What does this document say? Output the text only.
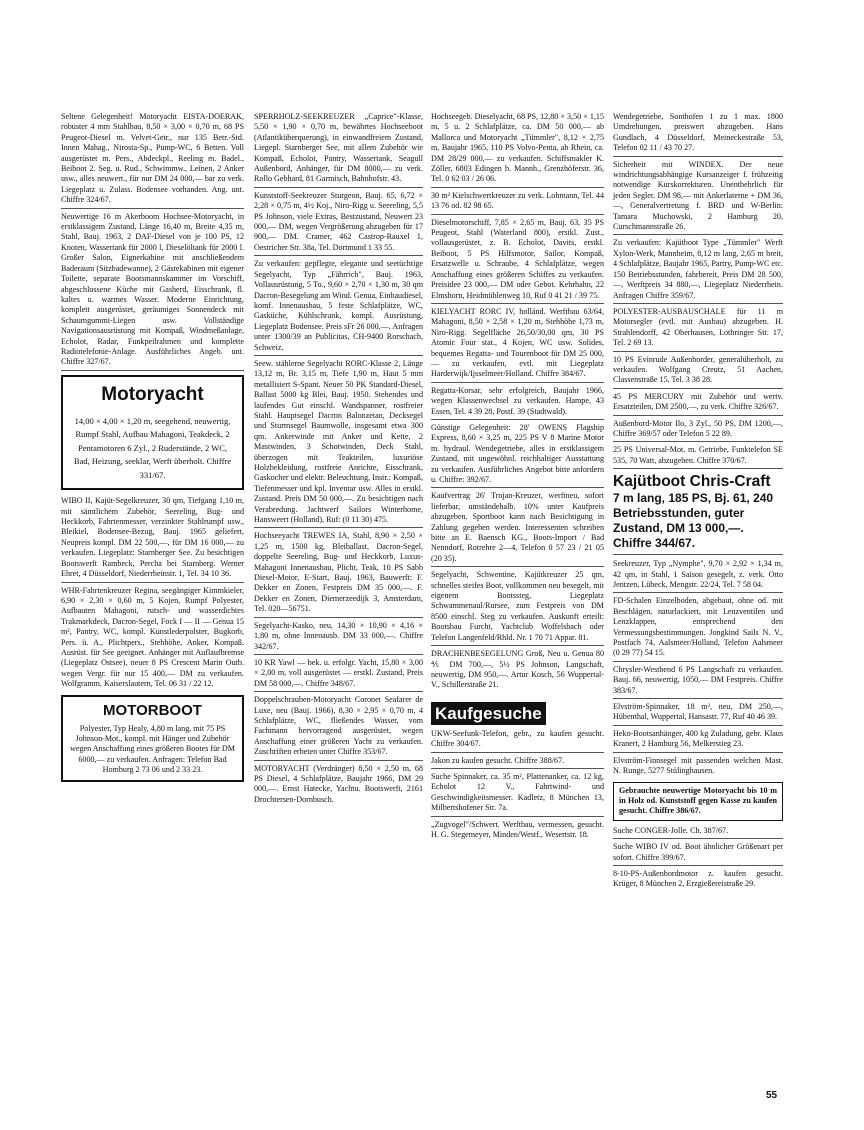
Seltene Gelegenheit! Motoryacht EISTA-DOERAK, robuster 4 mm Stahlbau, 8,50 × 3,00 × 0,70 m, 68 PS Peugeot-Diesel m. Velvet-Getr., nur 135 Betr.-Std. Innen Mahag., Nirosta-Sp., Pump-WC, 6 Betten. Voll ausgerüstet m. Pers., Abdeckpl., Reeling m. Badel., Beiboot 2. Seg. u. Rud., Schwimmw., Leinen, 2 Anker usw., alles neuwert., für nur DM 24 000,— bar zu verk. Liegeplatz u. Zulass. Bodensee vorhanden. Ang. unt. Chiffre 324/67.
Neuwertige 16 m Akerboom Hochsee-Motoryacht, in erstklassigem Zustand, Länge 16,40 m, Breite 4,35 m, Stahl, Bauj. 1963, 2 DAF-Diesel von je 100 PS, 12 Knoten, Wassertank für 2000 l, Dieselöltank für 2000 l. Großer Salon, Eignerkabine mit anschließendem Baderaum (Sitzbadewanne), 2 Gästekabinen mit eigener Toilette, separate Bootsmannskammer im Vorschiff, abgeschlossene Küche mit Gasherd, Eisschrank, fl. kaltes u. warmes Wasser. Moderne Einrichtung, komplett ausgerüstet, geräumiges Sonnendeck mit Schaumgummi-Liegen usw. Vollständige Navigationsausrüstung mit Kompaß, Windmeßanlage, Echolot, Radar, Funkpeilrahmen und komplette Radiotelefonie-Anlage. Ausführliches Angeb. unt. Chiffre 327/67.
Motoryacht
14,00 × 4,00 × 1,20 m, seegehend, neuwertig, Rumpf Stahl, Aufbau Mahagoni, Teakdeck, 2 Pentamotoren 6 Zyl., 2 Ruderstände, 2 WC, Bad, Heizung, seeklar, Werft überholt. Chiffre 331/67.
WIBO II, Kajüt-Segelkreuzer, 30 qm, Tiefgang 1,10 m, mit sämtlichem Zubehör, Seereling, Bug- und Heckkorb, Fahrtenmesser, verzinkter Stahlrumpf usw., Bleikiel, Bodensee-Bezug, Bauj. 1965 geliefert, Neupreis kompl. DM 22 500,—, für DM 16 000,— zu verkaufen. Liegeplatz: Starnberger See. Zu besichtigen Bootswerft Rambeck, Percha bei Starnberg. Werner Ehret, 4 Düsseldorf, Niederrheinstr. 1, Tel. 34 10 36.
WHR-Fahrtenkreuzer Regina, seegängiger Kimmkieler, 6,90 × 2,30 × 0,60 m, 5 Kojen, Rumpf Polyester, Aufbauten Mahagoni, rutsch- und wasserdichtes Trakmarkdeck, Dacron-Segel, Fock I — II — Genua 15 m², Pantry, WC, kompl. Kunstlederpolster, Bugkorb, Pers. ü. A., Plichtpers., Stehhöhe, Anker, Kompaß. Ausrüst. für See geeignet. Anhänger mit Auflaufbremse (Liegeplatz Ostsee), neuer 8 PS Crescent Marin Outb. wegen Vergr. für nur 15 400,— DM zu verkaufen. Wolfgramm, Kaiserslautern, Tel. 06 31 / 22 12.
MOTORBOOT
Polyester, Typ Healy, 4,80 m lang, mit 75 PS Johnson-Mot., kompl. mit Hänger und Zubehör wegen Anschaffung eines größeren Bootes für DM 6000,— zu verkaufen. Anfragen: Telefon Bad Homburg 2 73 06 und 2 33 23.
SPERRHOLZ-SEEKREUZER „Caprice"-Klasse, 5,50 × 1,90 × 0,70 m, bewährtes Hochseeboot (Atlantiküberquerung), in einwandfreiem Zustand, Liegepl. Starnberger See, mit allem Zubehör wie Kompaß, Echolot, Pantry, Wassertank, Seagull Außenbord, Anhänger, für DM 8000,— zu verk. Rollo Gebhard, 81 Garmisch, Bahnhofstr. 43.
Kunststoff-Seekreuzer Sturgeon, Bauj. 65, 6,72 × 2,28 × 0,75 m, 4½ Koj., Niro-Rigg u. Seereling, 5,5 PS Johnson, viele Extras, Bestzustand, Neuwert 23 000,— DM, wegen Vergrößerung abzugeben für 17 900,— DM. Cramer, 462 Castrop-Rauxel 1, Oestricher Str. 38a, Tel. Dortmund 1 33 55.
Zu verkaufen: gepflegte, elegante und seetüchtige Segelyacht, Typ „Fährrich", Bauj. 1963, Vollausrüstung, 5 To., 9,60 × 2,70 × 1,30 m, 30 qm Dacron-Besegelung am Wind. Genua, Einbaudiesel, komf. Innenausbau, 5 feste Schlafplätze, WC, Gasküche, Kühlschrank, kompl. Ausrüstung, Liegeplatz Bodensee. Preis sFr 26 000,—. Anfragen unter 1300/39 an Publicitas, CH-9400 Rorschach, Schweiz.
Seew. stählerne Segelyacht RORC-Klasse 2, Länge 13,12 m, Br. 3,15 m, Tiefe 1,90 m, Haut 5 mm metallisiert S-Spant. Neuer 50 PK Standard-Diesel, Ballast 5000 kg Blei, Bauj. 1950. Stehendes und laufendes Gut einschl. Wandspanner, rostfreier Stahl. Hauptsegel Dacron Balonzetan, Decksegel und Sturmsegel Baumwolle, insgesamt etwa 300 qm. Ankerwinde mit Anker und Kette, 2 Mastwinden, 3 Schotwinden, Deck Stahl, überzogen mit Teakteilen, luxuriöse Holzbekleidung, rostfreie Anrichte, Eisschrank, Gaskocher und elektr. Beleuchtung, Instr.: Kompaß, Tiefenmesser und kpl. Inventar usw. Alles in erstkl. Zustand. Preis DM 50 000,—. Zu besichtigen nach Verabredung. Jachtwerf Sailors Winterhome, Hansweert (Holland), Ruf: (0 11 30) 475.
Hochseeyacht TREWES IA, Stahl, 8,90 × 2,50 × 1,25 m, 1500 kg, Bleiballast, Dacron-Segel, doppelte Seereling, Bug- und Heckkorb, Luxus-Mahagoni Innenausbau, Plicht, Teak, 10 PS Sabb Diesel-Motor, E-Start, Bauj. 1963, Bauwerft: F. Dekker en Zonen, Festpreis DM 35 000,—. F. Dekker en Zonen, Diemerzeedijk 3, Amsterdam, Tel. 020—56751.
Segelyacht-Kasko, neu, 14,30 × 10,90 × 4,16 × 1,80 m, ohne Innenausb. DM 33 000,—. Chiffre 342/67.
10 KR Yawl — bek. u. erfolgr. Yacht, 15,80 × 3,00 × 2,00 m, voll ausgerüstet — erstkl. Zustand, Preis DM 58 000,—. Chiffre 348/67.
Doppelschrauben-Motoryacht Coronet Seafarer de Luxe, neu (Bauj. 1966), 8,30 × 2,95 × 0,70 m, 4 Schlafplätze, WC, fließendes Wasser, vom Fachmann hervorragend ausgerüstet, wegen Anschaffung einer größeren Yacht zu verkaufen. Zuschriften erbeten unter Chiffre 353/67.
MOTORYACHT (Verdränger) 8,50 × 2,50 m, 68 PS Diesel, 4 Schlafplätze, Baujahr 1966, DM 29 000,—. Ernst Hatecke, Yachtu. Bootswerft, 2161 Drochtersen-Dornbusch.
Hochseegeb. Dieselyacht, 68 PS, 12,80 × 3,50 × 1,15 m, 5 u. 2 Schlafplätze, ca. DM 50 000,— ab Mallorca und Motoryacht „Tümmler", 8,12 × 2,75 m, Baujahr 1965, 110 PS Volvo-Penta, ab Rhein, ca. DM 28/29 000,— zu verkaufen. Schiffsmakler K. Zöller, 6803 Edingen b. Mannh., Grenzhöferstr. 36, Tel. 0 62 03 / 26 06.
30 m² Kielschwertkreuzer zu verk. Lohmann, Tel. 44 13 76 od. 82 98 65.
Dieselmotorschiff, 7,85 × 2,65 m, Bauj. 63, 35 PS Peugeot, Stahl (Waterland 800), erstkl. Zust., vollausgerüstet, z. B. Echolot, Davits, erstkl. Beiboot, 5 PS Hilfsmotor, Sailor, Kompaß, Ersatzwelle u. Schraube, 4 Schlafplätze, wegen Anschaffung eines größeren Schiffes zu verkaufen. Preisidee 23 000,— DM oder Gebot. Kehrhahn, 22 Elmshorn, Heidmühlenweg 10, Ruf 0 41 21 / 39 75.
KIELYACHT RORC IV, holländ. Werftbau 63/64, Mahagoni, 8,50 × 2,58 × 1,20 m, Stehhöhe 1,73 m, Niro-Rigg. Segelfläche 26,50/30,00 qm, 30 PS Atomic Four stat., 4 Kojen, WC usw. Solides, bequemes Regatta- und Tourenboot für DM 25 000,— zu verkaufen, evtl. mit Liegeplatz Harderwijk/Ijsselmeer/Holland. Chiffre 384/67.
Regatta-Korsar, sehr erfolgreich, Baujahr 1966, wegen Klassenwechsel zu verkaufen. Hampe, 43 Essen, Tel. 4 39 28, Postf. 39 (Stadtwald).
Günstige Gelegenheit: 28' OWENS Flagship Express, 8,60 × 3,25 m, 225 PS V 8 Marine Motor m. hydraul. Wendegetriebe, alles in erstklassigem Zustand, mit ungewöhnl. reichhaltiger Ausstattung zu verkaufen. Ausführliches Angebot bitte anfordern u. Chiffre: 392/67.
Kaufvertrag 26' Trojan-Kreuzer, werftneu, sofort lieferbar, umständehalb. 10% unter Kaufpreis abzugeben. Sportboot kann nach Besichtigung in Zahlung gegeben werden. Interessenten schreiben bitte an E. Baensch KG., Boots-Import / Bad Nenndorf, Rotrehre 2—4, Telefon 0 57 23 / 21 05 (20 35).
Segelyacht, Schwentine, Kajütkreuzer 25 qm, schnelles steifes Boot, vollkommen neu besegelt, mit eigenem Bootssteg, Liegeplatz Schwammenaul/Rursee, zum Festpreis von DM 8500 einschl. Steg zu verkaufen. Auskunft erteilt: Bootsbau Furcht, Yachtclub Woffelsbach oder Telefon Langenfeld/Rhld. Nr. 1 70 71 Appar. 81.
DRACHENBESEGELUNG Groß, Neu u. Genua 80 ⅘ DM 700,—, 5½ PS Johnson, Langschaft, neuwertig, DM 950,—. Artur Kosch, 56 Wuppertal-V., Schillerstraße 21.
Kaufgesuche
UKW-Seefunk-Telefon, gebr., zu kaufen gesucht. Chiffre 304/67.
Jakon zu kaufen gesucht. Chiffre 388/67.
Suche Spinnaker, ca. 35 m², Plattenanker, ca. 12 kg, Echolot 12 V., Fahrtwind- und Geschwindigkeitsmesser. Kadletz, 8 München 13, Milbertshofener Str. 7a.
„Zugvogel"/Schwert. Werftbau, vermessen, gesucht. H. G. Stegemeyer, Minden/Westf., Wesertstr. 18.
Wendegetriebe, Sonthofen 1 zu 1 max. 1800 Umdrehungen, preiswert abzugeben. Hans Gundlach, 4 Düsseldorf, Meineckestraße 53, Telefon 02 11 / 43 70 27.
Sicherheit mit WINDEX. Der neue windrichtungsabhängige Kursanzeiger f. frühzeitig notwendige Kurskorrekturen. Unentbehrlich für jeden Segler. DM 98,— mit Ankerlaterne + DM 36,—, Generalvertretung f. BRD und W-Berlin: Tamara Muchowski, 2 Hamburg 20, Curschmannstraße 26.
Zu verkaufen: Kajütboot Type „Tümmler" Werft Xylon-Werk, Mannheim, 8,12 m lang, 2,65 m breit, 4 Schlafplätze, Baujahr 1965, Partry, Pump-WC etc. 150 Betriebsstunden, fahrbereit, Preis DM 28 500,—, Werftpreis 34 880,—, Liegeplatz Niederrhein. Anfragen Chiffre 359/67.
POLYESTER-AUSBAUSCHALE für 11 m Motorsegler (evtl. mit Ausbau) abzugeben. H. Strahlendorff, 42 Oberhausen, Lothringer Str. 17, Tel. 2 69 13.
10 PS Evinrude Außenborder, generalüberholt, zu verkaufen. Wolfgang Creutz, 51 Aachen, Classenstraße 15, Tel. 3 38 28.
45 PS MERCURY mit Zubehör und wertv. Ersatzteilen, DM 2500,—, zu verk. Chiffre 326/67.
Außenbord-Motor Ilo, 3 Zyl., 50 PS, DM 1200,—, Chiffre 369/57 oder Telefon 5 22 89.
25 PS Universal-Mot. m. Getriebe, Funktelefon SE 535, 70 Watt, abzugeben. Chiffre 370/67.
Kajütboot Chris-Craft
7 m lang, 185 PS, Bj. 61, 240 Betriebsstunden, guter Zustand, DM 13 000,—. Chiffre 344/67.
Seekreuzer, Typ „Nymphe", 9,70 × 2,92 × 1,34 m, 42 qm, in Stahl, 1 Saison gesegelt, z. verk. Otto Jentzen, Lübeck, Mengstr. 22/24, Tel. 7 58 04.
FD-Schalen Einzelboden, abgebaut, ohne od. mit Beschlägen, naturlackiert, mit Lenzventilen und Lenzklappen, entsprechend den Vermessungsbestimmungen. Jongkind Sails N. V., Postfach 74, Aalsmeer/Holland, Telefon Aalsmeer (0 29 77) 54 15.
Chrysler-Westbend 6 PS Langschaft zu verkaufen. Bauj. 66, neuwertig, 1050,— DM Festpreis. Chiffre 383/67.
Elvström-Spinnaker, 18 m², neu, DM 250,—, Hübenthal, Wuppertal, Hansastr. 77, Ruf 40 46 39.
Heko-Bootsanhänger, 400 kg Zuladung, gebr. Klaus Kranert, 2 Hamburg 56, Melkerstieg 23.
Elvström-Finnsegel mit passenden welchen Mast. N. Runge, 5277 Stülinghausen.
Gebrauchte neuwertige Motoryacht bis 10 m in Holz od. Kunststoff gegen Kasse zu kaufen gesucht. Chiffre 386/67.
Suche CONGER-Jolle. Ch. 387/67.
Suche WIBO IV od. Boot ähnlicher Größenart per sofort. Chiffre 399/67.
8-10-PS-Außenbordmotor z. kaufen gesucht. Krüger, 8 München 2, Erzgießereistraße 29.
55
